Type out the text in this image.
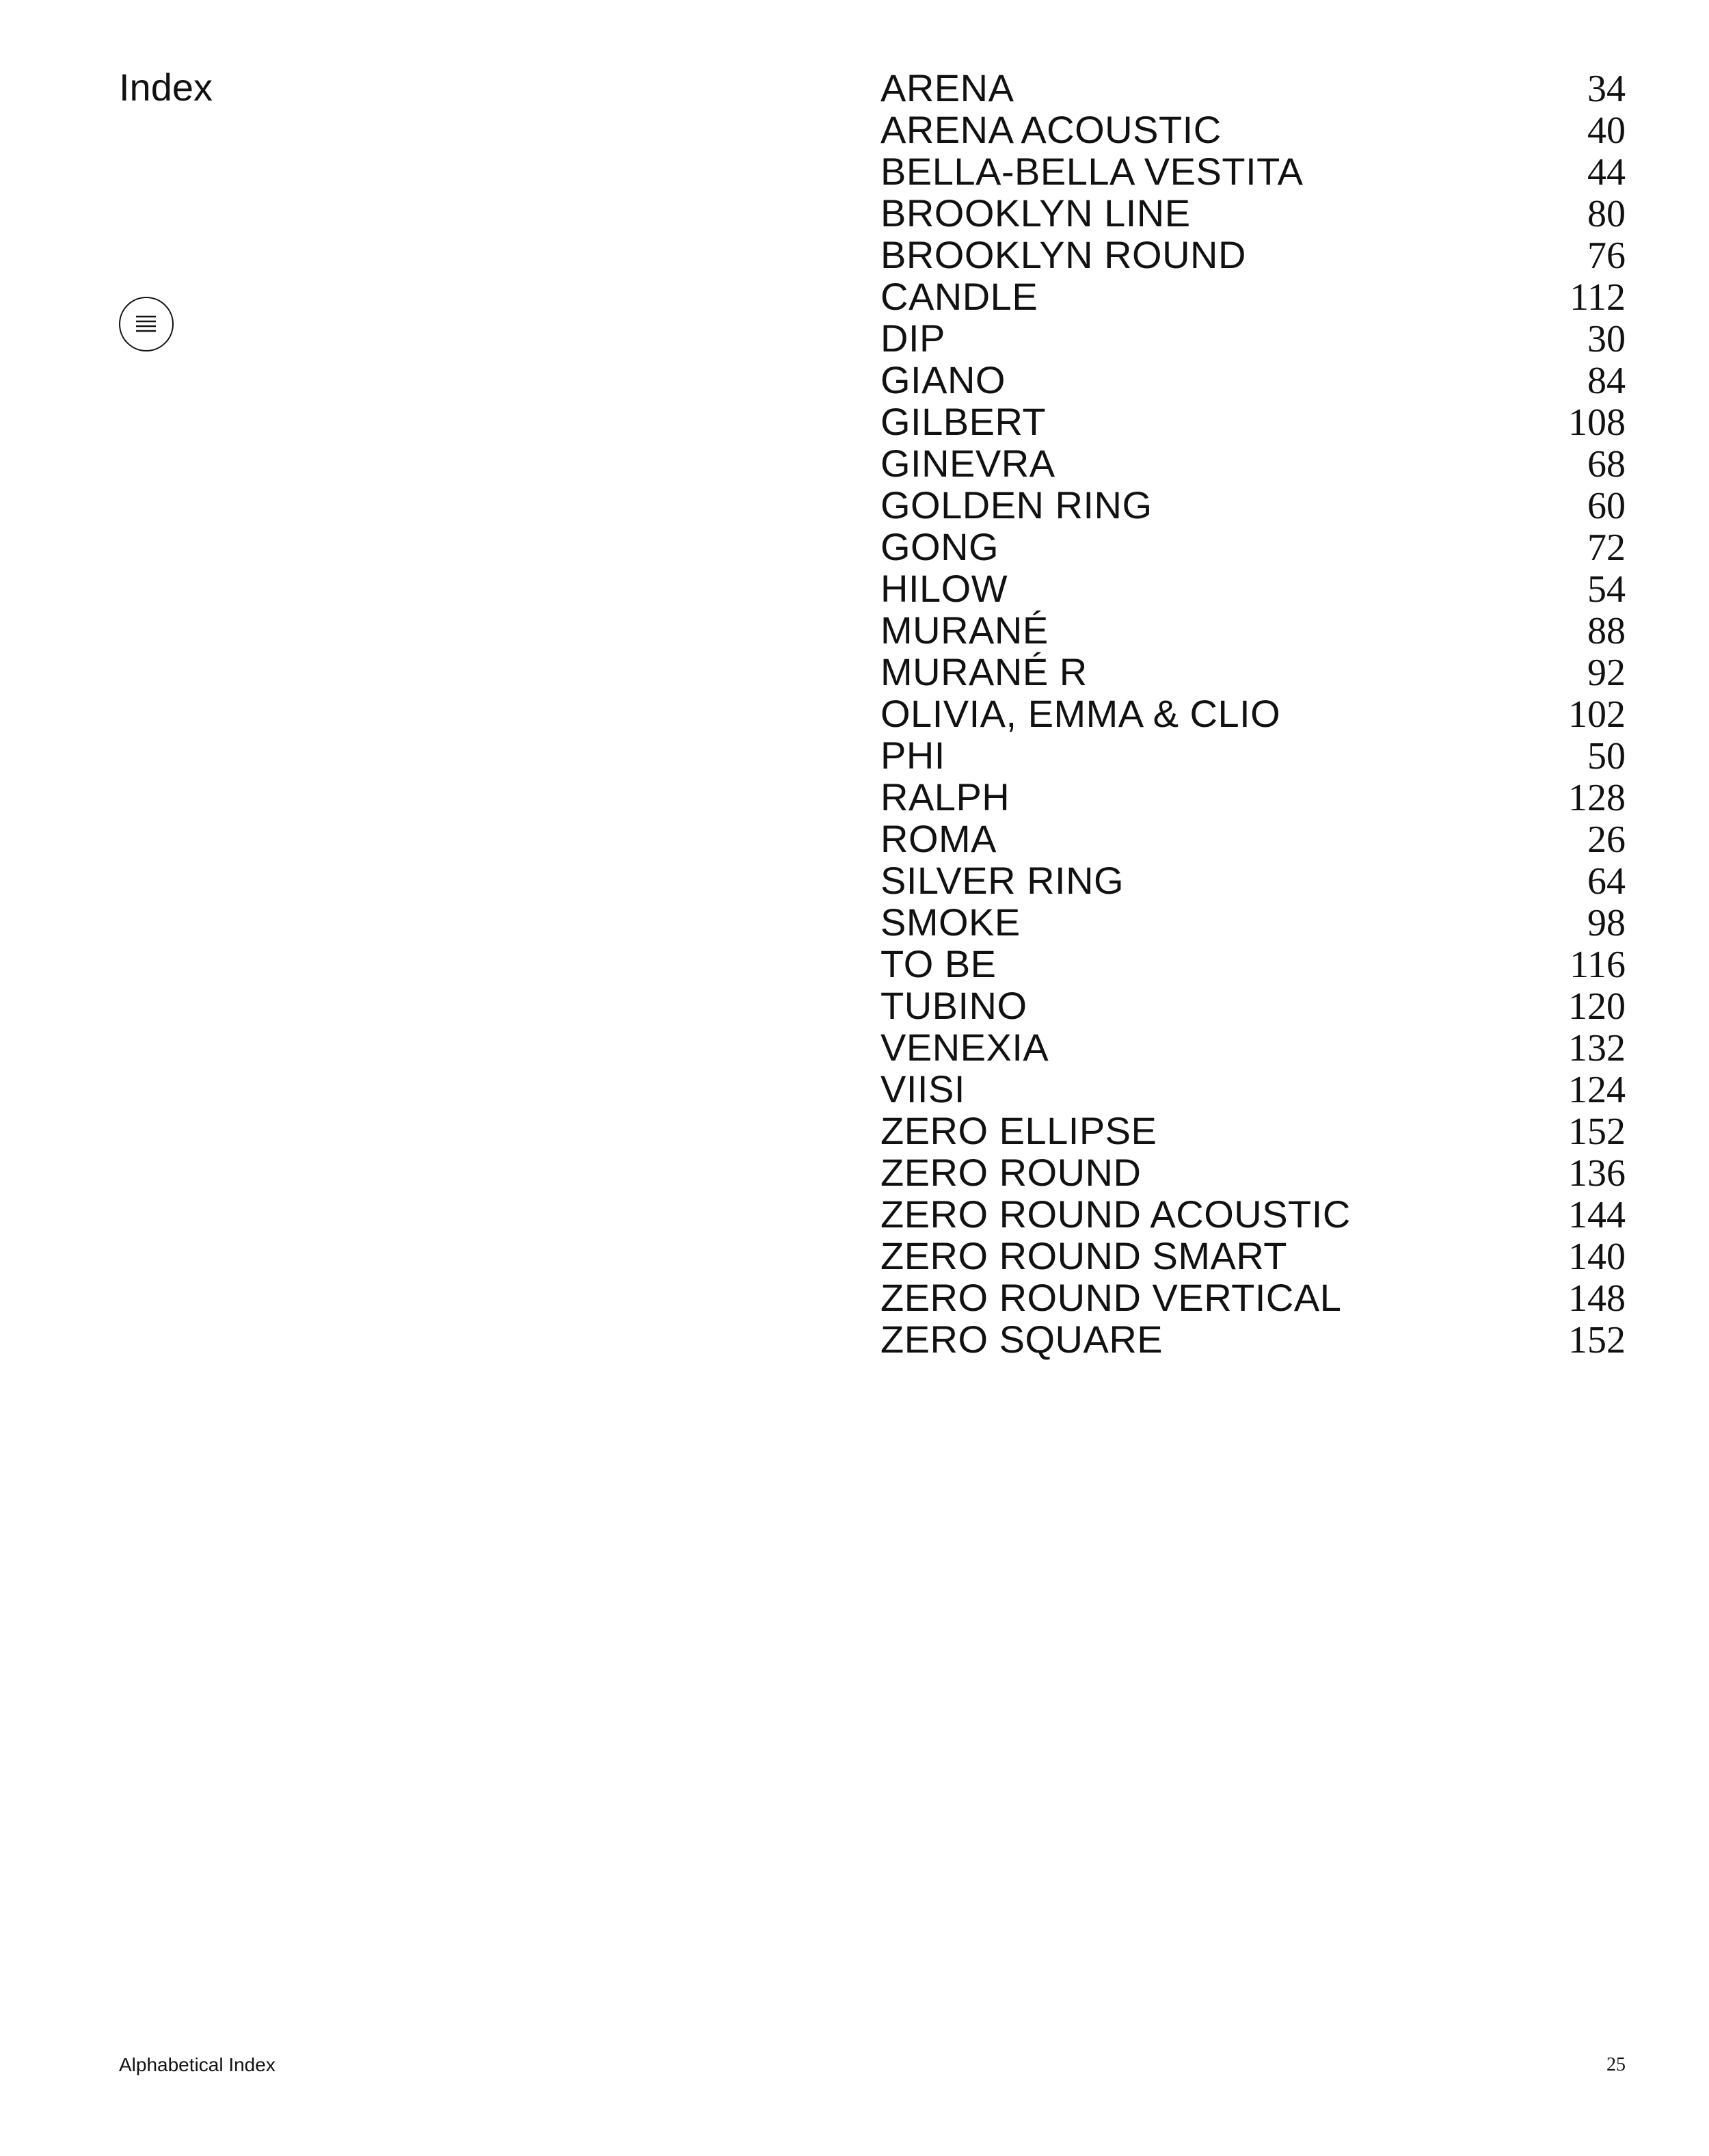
Index	ARENA	34
ARENA ACOUSTIC	40
BELLA-BELLA VESTITA	44
BROOKLYN LINE	80
BROOKLYN ROUND	76
CANDLE	112
DIP	30
GIANO	84
GILBERT	108
GINEVRA	68
GOLDEN RING	60
GONG	72
HILOW	54
MURANÉ	88
MURANÉ R	92
OLIVIA, EMMA & CLIO	102
PHI	50
RALPH	128
ROMA	26
SILVER RING	64
SMOKE	98
TO BE	116
TUBINO	120
VENEXIA	132
VIISI	124
ZERO ELLIPSE	152
ZERO ROUND	136
ZERO ROUND ACOUSTIC	144
ZERO ROUND SMART	140
ZERO ROUND VERTICAL	148
ZERO SQUARE	152
Alphabetical Index	25
